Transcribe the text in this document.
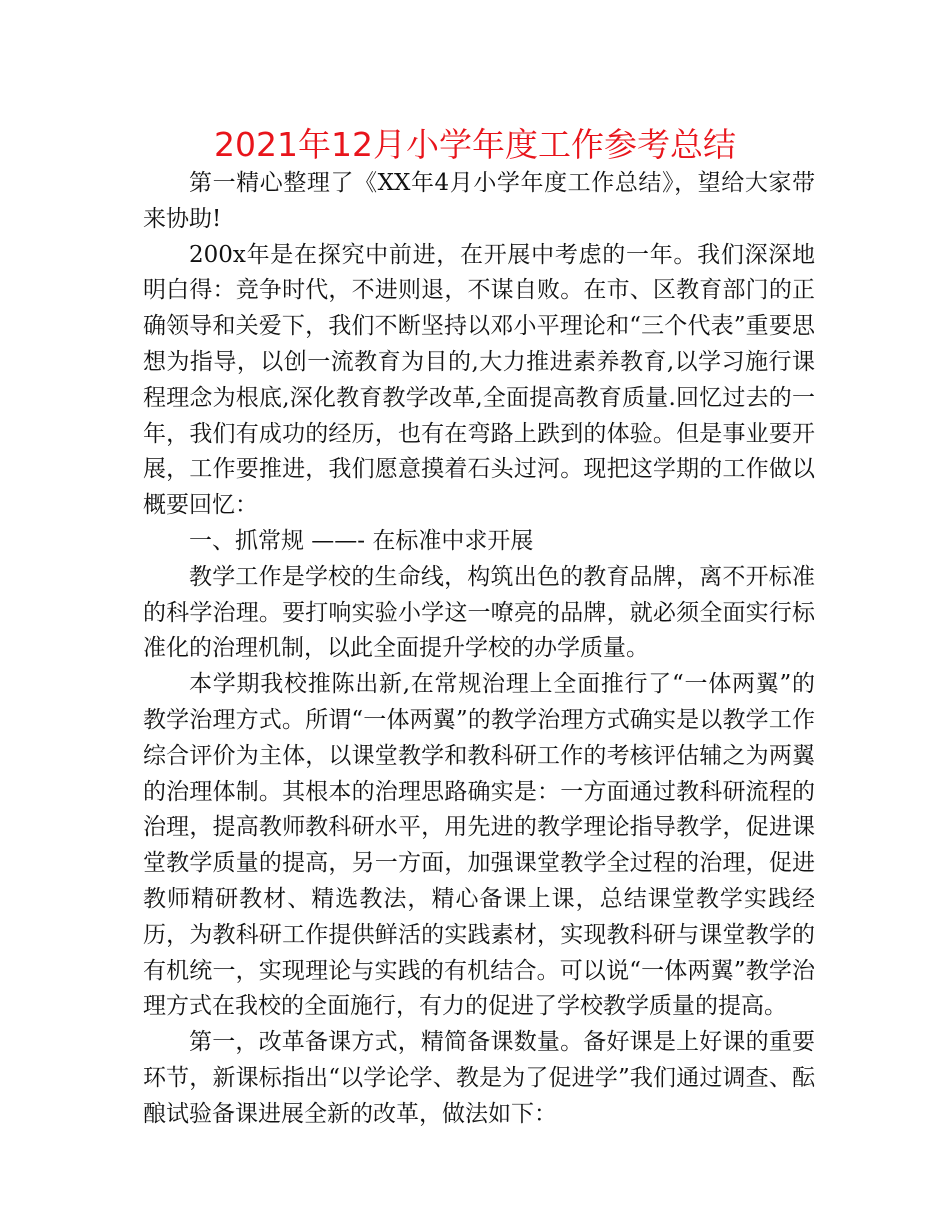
2021年12月小学年度工作参考总结

第一精心整理了《XX年4月小学年度工作总结》，望给大家带来协助!

200x年是在探究中前进，在开展中考虑的一年。我们深深地明白得：竞争时代，不进则退，不谋自败。在市、区教育部门的正确领导和关爱下，我们不断坚持以邓小平理论和“三个代表”重要思想为指导，以创一流教育为目的,大力推进素养教育,以学习施行课程理念为根底,深化教育教学改革,全面提高教育质量.回忆过去的一年，我们有成功的经历，也有在弯路上跌到的体验。但是事业要开展，工作要推进，我们愿意摸着石头过河。现把这学期的工作做以概要回忆：

一、抓常规 ——- 在标准中求开展

教学工作是学校的生命线，构筑出色的教育品牌，离不开标准的科学治理。要打响实验小学这一嘹亮的品牌，就必须全面实行标准化的治理机制，以此全面提升学校的办学质量。

本学期我校推陈出新,在常规治理上全面推行了“一体两翼”的教学治理方式。所谓“一体两翼”的教学治理方式确实是以教学工作综合评价为主体，以课堂教学和教科研工作的考核评估辅之为两翼的治理体制。其根本的治理思路确实是：一方面通过教科研流程的治理，提高教师教科研水平，用先进的教学理论指导教学，促进课堂教学质量的提高，另一方面，加强课堂教学全过程的治理，促进教师精研教材、精选教法，精心备课上课，总结课堂教学实践经历，为教科研工作提供鲜活的实践素材，实现教科研与课堂教学的有机统一，实现理论与实践的有机结合。可以说“一体两翼”教学治理方式在我校的全面施行，有力的促进了学校教学质量的提高。

第一，改革备课方式，精简备课数量。备好课是上好课的重要环节，新课标指出“以学论学、教是为了促进学”我们通过调查、酝酿试验备课进展全新的改革，做法如下：
